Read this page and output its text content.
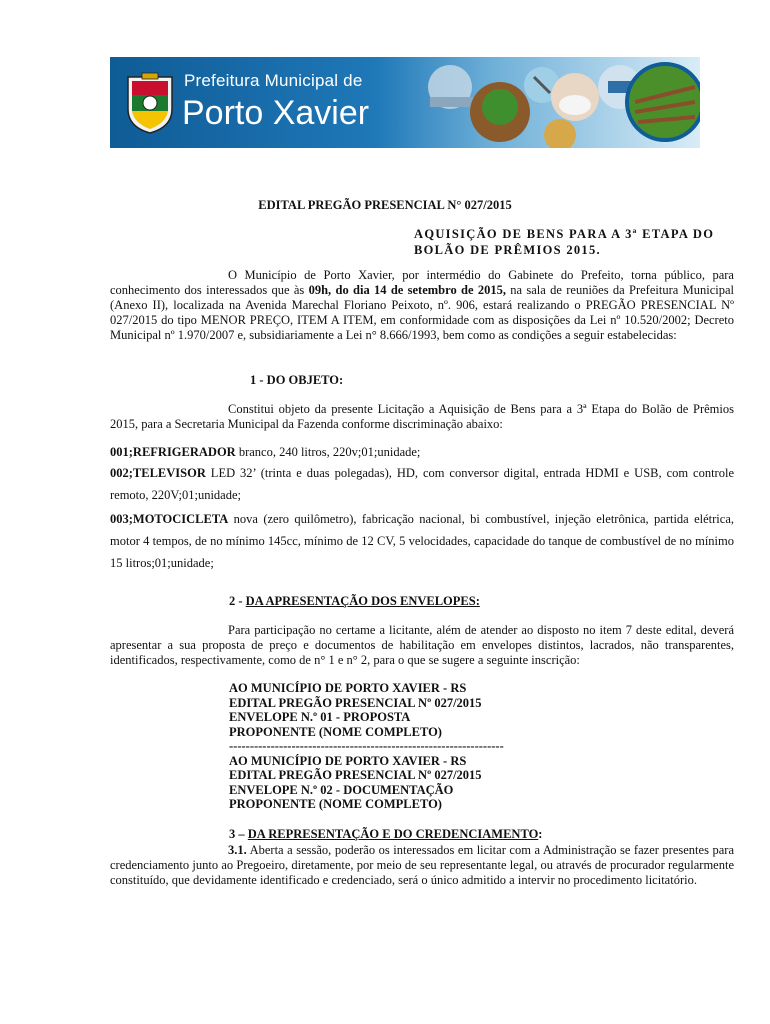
Prefeitura Municipal de
Porto Xavier
EDITAL PREGÃO PRESENCIAL N° 027/2015
AQUISIÇÃO DE BENS PARA A 3ª ETAPA DO
BOLÃO DE PRÊMIOS 2015.
O Município de Porto Xavier, por intermédio do Gabinete do Prefeito, torna público, para conhecimento dos interessados que às 09h, do dia 14 de setembro de 2015, na sala de reuniões da Prefeitura Municipal (Anexo II), localizada na Avenida Marechal Floriano Peixoto, nº. 906, estará realizando o PREGÃO PRESENCIAL Nº 027/2015 do tipo MENOR PREÇO, ITEM A ITEM, em conformidade com as disposições da Lei nº 10.520/2002; Decreto Municipal nº 1.970/2007 e, subsidiariamente a Lei n° 8.666/1993, bem como as condições a seguir estabelecidas:
1 - DO OBJETO:
Constitui objeto da presente Licitação a Aquisição de Bens para a 3ª Etapa do Bolão de Prêmios 2015, para a Secretaria Municipal da Fazenda conforme discriminação abaixo:
001;REFRIGERADOR branco, 240 litros, 220v;01;unidade;
002;TELEVISOR LED 32’ (trinta e duas polegadas), HD, com conversor digital, entrada HDMI e USB, com controle remoto, 220V;01;unidade;
003;MOTOCICLETA nova (zero quilômetro), fabricação nacional, bi combustível, injeção eletrônica, partida elétrica, motor 4 tempos, de no mínimo 145cc, mínimo de 12 CV, 5 velocidades, capacidade do tanque de combustível de no mínimo 15 litros;01;unidade;
2 - DA APRESENTAÇÃO DOS ENVELOPES:
Para participação no certame a licitante, além de atender ao disposto no item 7 deste edital, deverá apresentar a sua proposta de preço e documentos de habilitação em envelopes distintos, lacrados, não transparentes, identificados, respectivamente, como de n° 1 e n° 2, para o que se sugere a seguinte inscrição:
AO MUNICÍPIO DE PORTO XAVIER - RS
EDITAL PREGÃO PRESENCIAL Nº 027/2015
ENVELOPE N.º 01 - PROPOSTA
PROPONENTE (NOME COMPLETO)
------------------------------------------------------------------
AO MUNICÍPIO DE PORTO XAVIER - RS
EDITAL PREGÃO PRESENCIAL Nº 027/2015
ENVELOPE N.º 02 - DOCUMENTAÇÃO
PROPONENTE (NOME COMPLETO)
3 – DA REPRESENTAÇÃO E DO CREDENCIAMENTO:
3.1. Aberta a sessão, poderão os interessados em licitar com a Administração se fazer presentes para credenciamento junto ao Pregoeiro, diretamente, por meio de seu representante legal, ou através de procurador regularmente constituído, que devidamente identificado e credenciado, será o único admitido a intervir no procedimento licitatório.
